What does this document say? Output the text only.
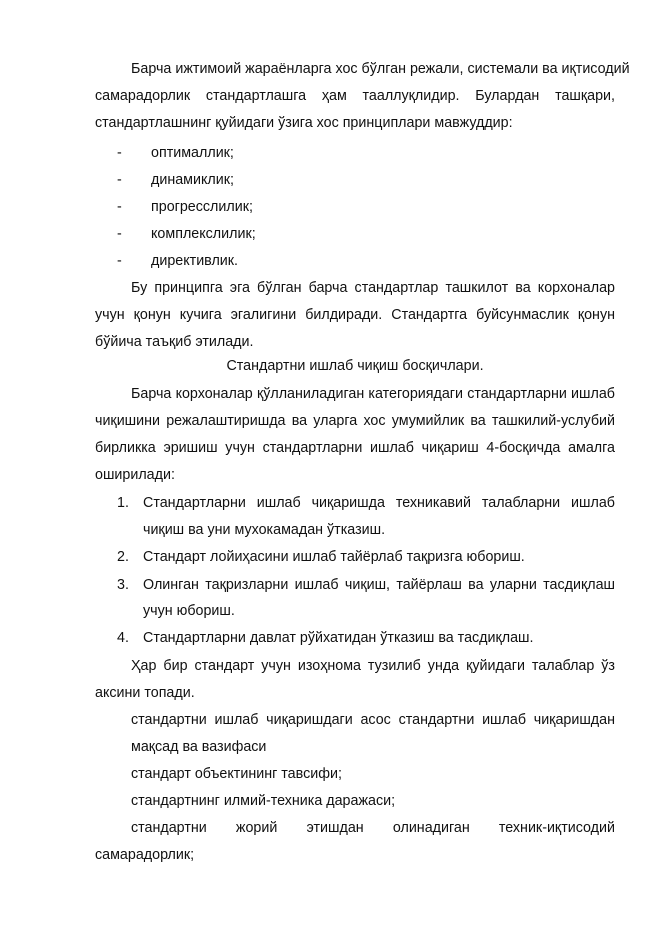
Барча ижтимоий жараёнларга хос бўлган режали, системали ва иқтисодий
самарадорлик стандартлашга ҳам тааллуқлидир. Булардан ташқари,
стандартлашнинг қуйидаги ўзига хос принциплари мавжуддир:
- оптималлик;
- динамиклик;
- прогресслилик;
- комплекслилик;
- директивлик.
Бу принципга эга бўлган барча стандартлар ташкилот ва корхоналар
учун қонун кучига эгалигини билдиради. Стандартга буйсунмаслик қонун
бўйича таъқиб этилади.
Стандартни ишлаб чиқиш босқичлари.
Барча корхоналар қўлланиладиган категориядаги стандартларни ишлаб
чиқишини режалаштиришда ва уларга хос умумийлик ва ташкилий-услубий
бирликка эришиш учун стандартларни ишлаб чиқариш 4-босқичда амалга
оширилади:
1. Стандартларни ишлаб чиқаришда техникавий талабларни ишлаб
чиқиш ва уни мухокамадан ўтказиш.
2. Стандарт лойиҳасини ишлаб тайёрлаб тақризга юбориш.
3. Олинган тақризларни ишлаб чиқиш, тайёрлаш ва уларни тасдиқлаш
учун юбориш.
4. Стандартларни давлат рўйхатидан ўтказиш ва тасдиқлаш.
Ҳар бир стандарт учун изоҳнома тузилиб унда қуйидаги талаблар ўз
аксини топади.
стандартни ишлаб чиқаришдаги асос стандартни ишлаб чиқаришдан
мақсад ва вазифаси
стандарт объектининг тавсифи;
стандартнинг илмий-техника даражаси;
стандартни жорий этишдан олинадиган техник-иқтисодий
самарадорлик;
